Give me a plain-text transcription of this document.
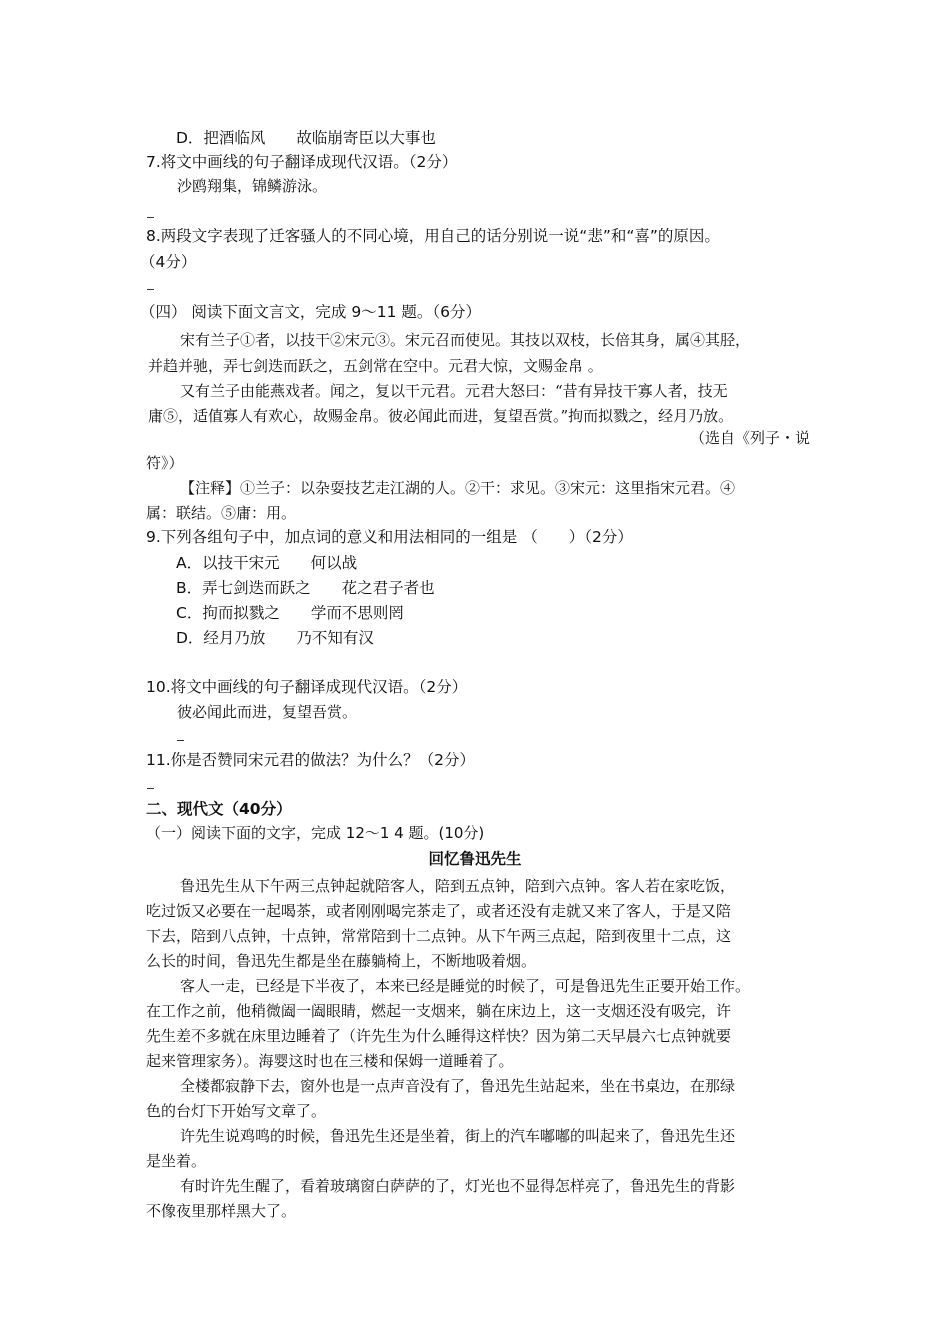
D．把酒临风　　故临崩寄臣以大事也
7.将文中画线的句子翻译成现代汉语。（2分）
沙鸥翔集，锦鳞游泳。
8.两段文字表现了迁客骚人的不同心境，用自己的话分别说一说“悲”和“喜”的原因。
（4分）
（四） 阅读下面文言文，完成 9～11 题。（6分）
宋有兰子①者，以技干②宋元③。宋元召而使见。其技以双枝，长倍其身，属④其胫，
并趋并驰，弄七剑迭而跃之，五剑常在空中。元君大惊，文赐金帛 。
又有兰子由能燕戏者。闻之，复以干元君。元君大怒曰：“昔有异技干寡人者，技无
庸⑤，适值寡人有欢心，故赐金帛。彼必闻此而进，复望吾赏。”拘而拟戮之，经月乃放。
（选自《列子・说
符》）
【注释】①兰子：以杂耍技艺走江湖的人。②干：求见。③宋元：这里指宋元君。④
属：联结。⑤庸：用。
9.下列各组句子中，加点词的意义和用法相同的一组是 （　　）（2分）
A．以技干宋元　　何以战
B．弄七剑迭而跃之　　花之君子者也
C．拘而拟戮之　　学而不思则罔
D．经月乃放　　乃不知有汉
10.将文中画线的句子翻译成现代汉语。（2分）
彼必闻此而进，复望吾赏。
11.你是否赞同宋元君的做法？为什么？（2分）
二、现代文（40分）
（一）阅读下面的文字，完成 12～1 4 题。(10分)
回忆鲁迅先生
鲁迅先生从下午两三点钟起就陪客人，陪到五点钟，陪到六点钟。客人若在家吃饭，
吃过饭又必要在一起喝茶，或者刚刚喝完茶走了，或者还没有走就又来了客人，于是又陪
下去，陪到八点钟，十点钟，常常陪到十二点钟。从下午两三点起，陪到夜里十二点，这
么长的时间，鲁迅先生都是坐在藤躺椅上，不断地吸着烟。
客人一走，已经是下半夜了，本来已经是睡觉的时候了，可是鲁迅先生正要开始工作。
在工作之前，他稍微阖一阖眼睛，燃起一支烟来，躺在床边上，这一支烟还没有吸完，许
先生差不多就在床里边睡着了（许先生为什么睡得这样快？因为第二天早晨六七点钟就要
起来管理家务）。海婴这时也在三楼和保姆一道睡着了。
全楼都寂静下去，窗外也是一点声音没有了，鲁迅先生站起来，坐在书桌边，在那绿
色的台灯下开始写文章了。
许先生说鸡鸣的时候，鲁迅先生还是坐着，街上的汽车嘟嘟的叫起来了，鲁迅先生还
是坐着。
有时许先生醒了，看着玻璃窗白萨萨的了，灯光也不显得怎样亮了，鲁迅先生的背影
不像夜里那样黑大了。
